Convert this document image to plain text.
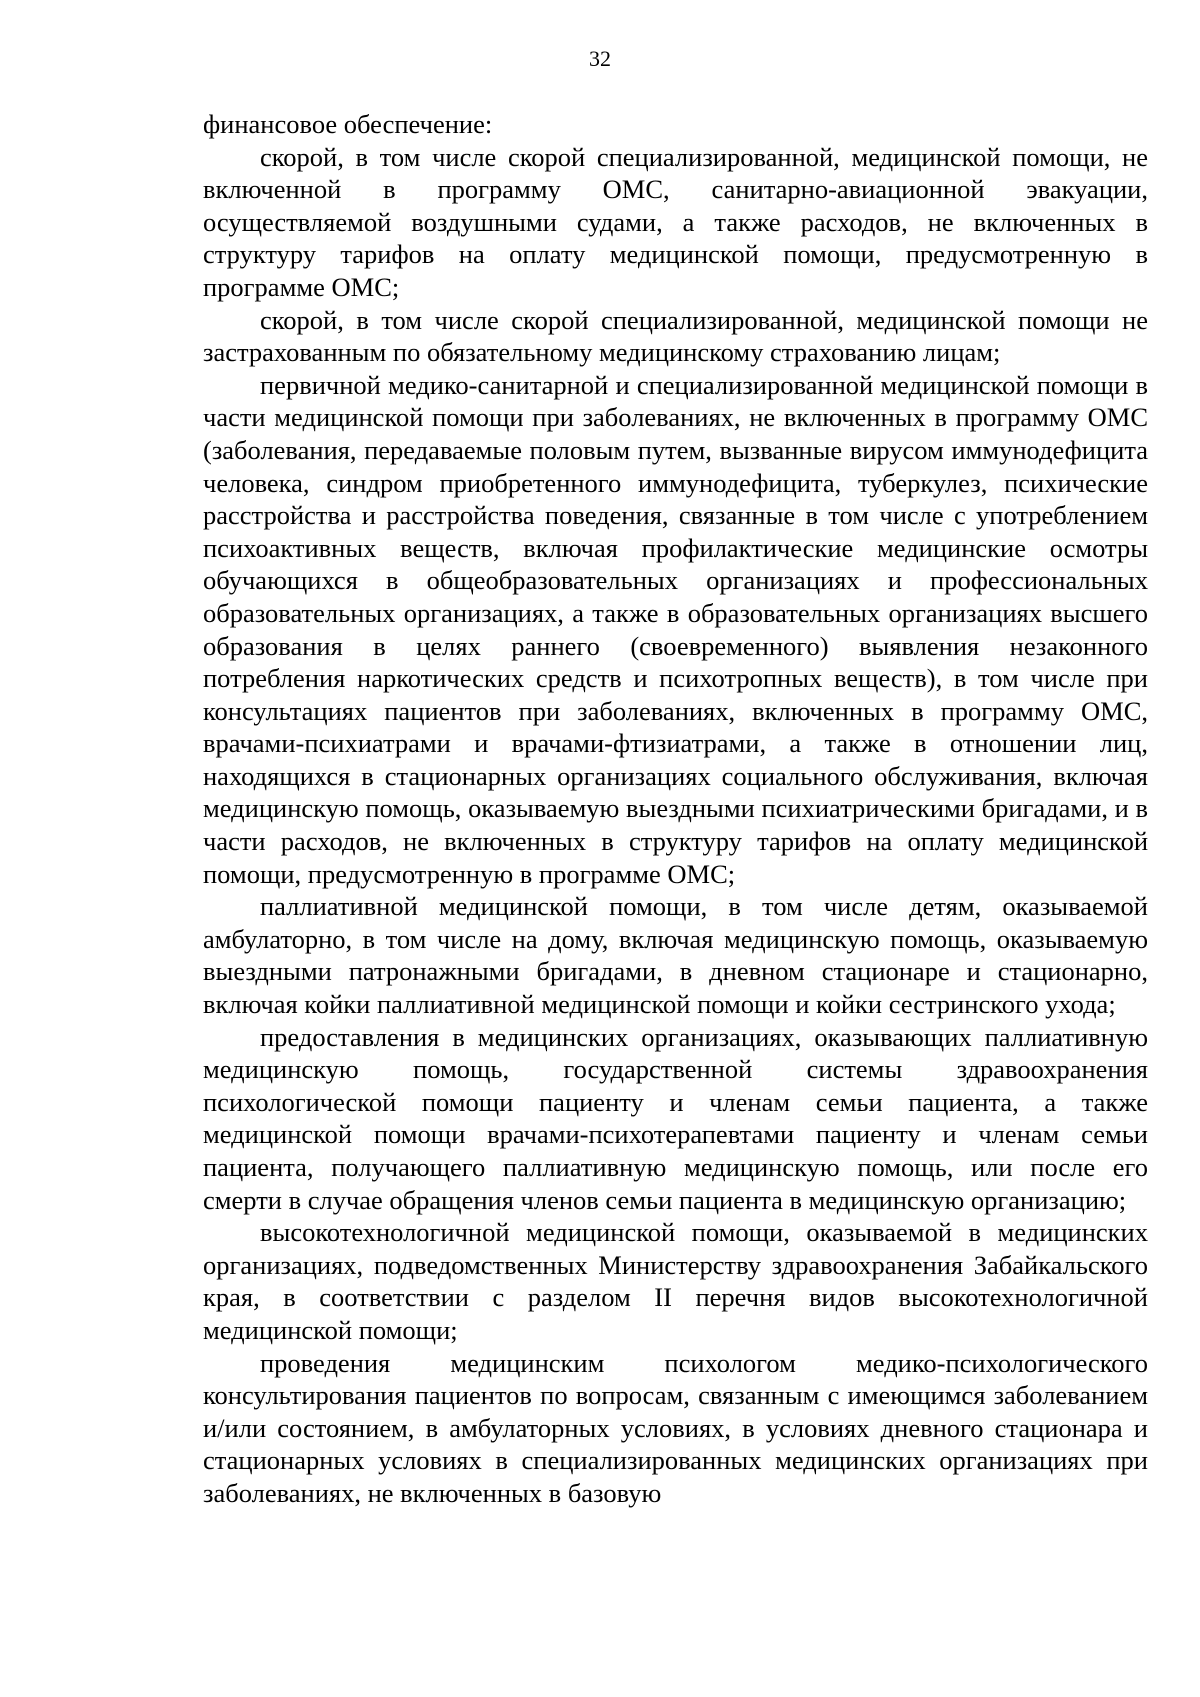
32

финансовое обеспечение:

скорой, в том числе скорой специализированной, медицинской помощи, не включенной в программу ОМС, санитарно-авиационной эвакуации, осуществляемой воздушными судами, а также расходов, не включенных в структуру тарифов на оплату медицинской помощи, предусмотренную в программе ОМС;

скорой, в том числе скорой специализированной, медицинской помощи не застрахованным по обязательному медицинскому страхованию лицам;

первичной медико-санитарной и специализированной медицинской помощи в части медицинской помощи при заболеваниях, не включенных в программу ОМС (заболевания, передаваемые половым путем, вызванные вирусом иммунодефицита человека, синдром приобретенного иммунодефицита, туберкулез, психические расстройства и расстройства поведения, связанные в том числе с употреблением психоактивных веществ, включая профилактические медицинские осмотры обучающихся в общеобразовательных организациях и профессиональных образовательных организациях, а также в образовательных организациях высшего образования в целях раннего (своевременного) выявления незаконного потребления наркотических средств и психотропных веществ), в том числе при консультациях пациентов при заболеваниях, включенных в программу ОМС, врачами-психиатрами и врачами-фтизиатрами, а также в отношении лиц, находящихся в стационарных организациях социального обслуживания, включая медицинскую помощь, оказываемую выездными психиатрическими бригадами, и в части расходов, не включенных в структуру тарифов на оплату медицинской помощи, предусмотренную в программе ОМС;

паллиативной медицинской помощи, в том числе детям, оказываемой амбулаторно, в том числе на дому, включая медицинскую помощь, оказываемую выездными патронажными бригадами, в дневном стационаре и стационарно, включая койки паллиативной медицинской помощи и койки сестринского ухода;

предоставления в медицинских организациях, оказывающих паллиативную медицинскую помощь, государственной системы здравоохранения психологической помощи пациенту и членам семьи пациента, а также медицинской помощи врачами-психотерапевтами пациенту и членам семьи пациента, получающего паллиативную медицинскую помощь, или после его смерти в случае обращения членов семьи пациента в медицинскую организацию;

высокотехнологичной медицинской помощи, оказываемой в медицинских организациях, подведомственных Министерству здравоохранения Забайкальского края, в соответствии с разделом II перечня видов высокотехнологичной медицинской помощи;

проведения медицинским психологом медико-психологического консультирования пациентов по вопросам, связанным с имеющимся заболеванием и/или состоянием, в амбулаторных условиях, в условиях дневного стационара и стационарных условиях в специализированных медицинских организациях при заболеваниях, не включенных в базовую
